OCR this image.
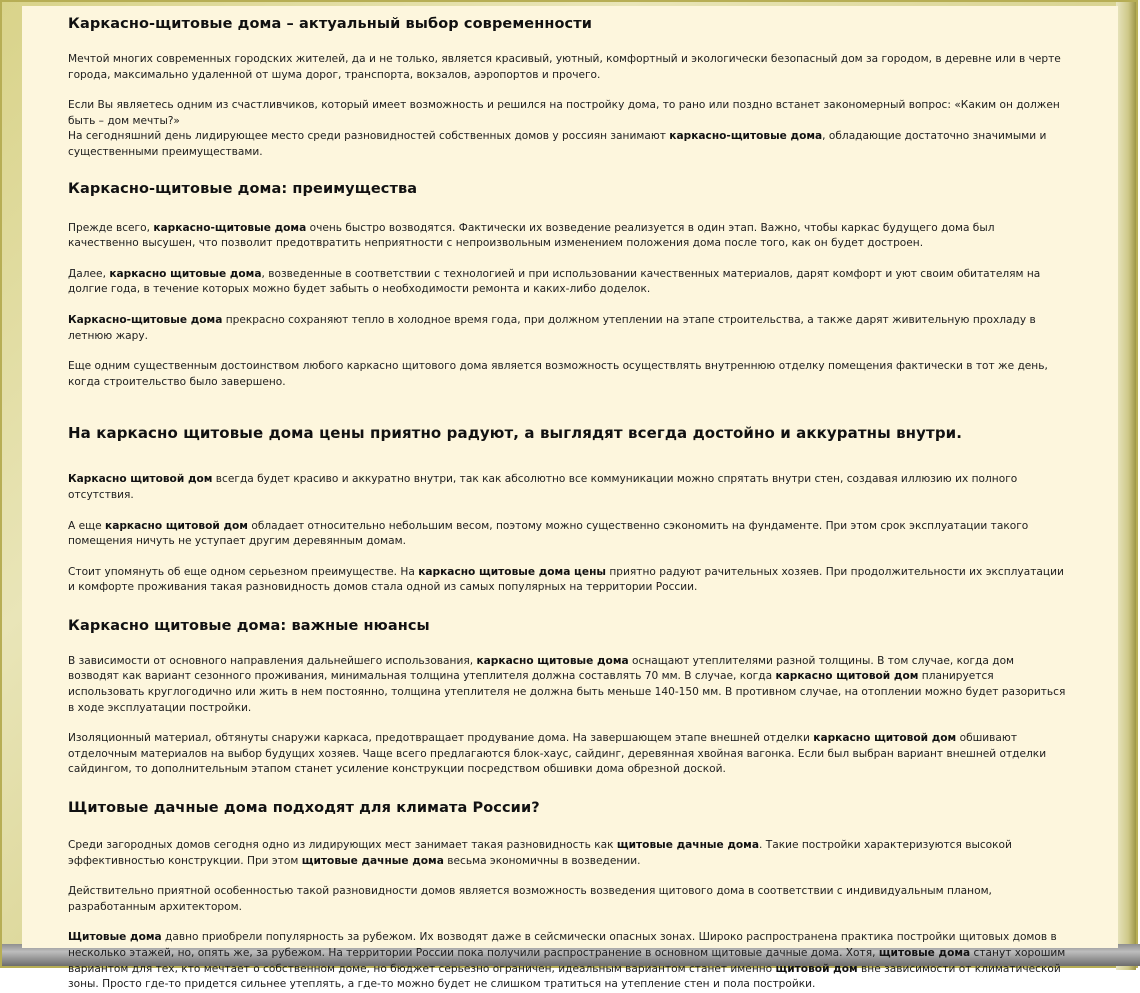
Каркасно-щитовые дома – актуальный выбор современности

Мечтой многих современных городских жителей, да и не только, является красивый, уютный, комфортный и экологически безопасный дом за городом, в деревне или в черте города, максимально удаленной от шума дорог, транспорта, вокзалов, аэропортов и прочего.

Если Вы являетесь одним из счастливчиков, который имеет возможность и решился на постройку дома, то рано или поздно встанет закономерный вопрос: «Каким он должен быть – дом мечты?»
На сегодняшний день лидирующее место среди разновидностей собственных домов у россиян занимают каркасно-щитовые дома, обладающие достаточно значимыми и существенными преимуществами.

Каркасно-щитовые дома: преимущества

Прежде всего, каркасно-щитовые дома очень быстро возводятся. Фактически их возведение реализуется в один этап. Важно, чтобы каркас будущего дома был качественно высушен, что позволит предотвратить неприятности с непроизвольным изменением положения дома после того, как он будет достроен.

Далее, каркасно щитовые дома, возведенные в соответствии с технологией и при использовании качественных материалов, дарят комфорт и уют своим обитателям на долгие года, в течение которых можно будет забыть о необходимости ремонта и каких-либо доделок.

Каркасно-щитовые дома прекрасно сохраняют тепло в холодное время года, при должном утеплении на этапе строительства, а также дарят живительную прохладу в летнюю жару.

Еще одним существенным достоинством любого каркасно щитового дома является возможность осуществлять внутреннюю отделку помещения фактически в тот же день, когда строительство было завершено.

На каркасно щитовые дома цены приятно радуют, а выглядят всегда достойно и аккуратны внутри.

Каркасно щитовой дом всегда будет красиво и аккуратно внутри, так как абсолютно все коммуникации можно спрятать внутри стен, создавая иллюзию их полного отсутствия.

А еще каркасно щитовой дом обладает относительно небольшим весом, поэтому можно существенно сэкономить на фундаменте. При этом срок эксплуатации такого помещения ничуть не уступает другим деревянным домам.

Стоит упомянуть об еще одном серьезном преимуществе. На каркасно щитовые дома цены приятно радуют рачительных хозяев. При продолжительности их эксплуатации и комфорте проживания такая разновидность домов стала одной из самых популярных на территории России.

Каркасно щитовые дома: важные нюансы

В зависимости от основного направления дальнейшего использования, каркасно щитовые дома оснащают утеплителями разной толщины. В том случае, когда дом возводят как вариант сезонного проживания, минимальная толщина утеплителя должна составлять 70 мм. В случае, когда каркасно щитовой дом планируется использовать круглогодично или жить в нем постоянно, толщина утеплителя не должна быть меньше 140-150 мм. В противном случае, на отоплении можно будет разориться в ходе эксплуатации постройки.

Изоляционный материал, обтянуты снаружи каркаса, предотвращает продувание дома. На завершающем этапе внешней отделки каркасно щитовой дом обшивают отделочным материалов на выбор будущих хозяев. Чаще всего предлагаются блок-хаус, сайдинг, деревянная хвойная вагонка. Если был выбран вариант внешней отделки сайдингом, то дополнительным этапом станет усиление конструкции посредством обшивки дома обрезной доской.

Щитовые дачные дома подходят для климата России?

Среди загородных домов сегодня одно из лидирующих мест занимает такая разновидность как щитовые дачные дома. Такие постройки характеризуются высокой эффективностью конструкции. При этом щитовые дачные дома весьма экономичны в возведении.

Действительно приятной особенностью такой разновидности домов является возможность возведения щитового дома в соответствии с индивидуальным планом, разработанным архитектором.

Щитовые дома давно приобрели популярность за рубежом. Их возводят даже в сейсмически опасных зонах. Широко распространена практика постройки щитовых домов в несколько этажей, но, опять же, за рубежом. На территории России пока получили распространение в основном щитовые дачные дома. Хотя, щитовые дома станут хорошим вариантом для тех, кто мечтает о собственном доме, но бюджет серьезно ограничен, идеальным вариантом станет именно щитовой дом вне зависимости от климатической зоны. Просто где-то придется сильнее утеплять, а где-то можно будет не слишком тратиться на утепление стен и пола постройки.
